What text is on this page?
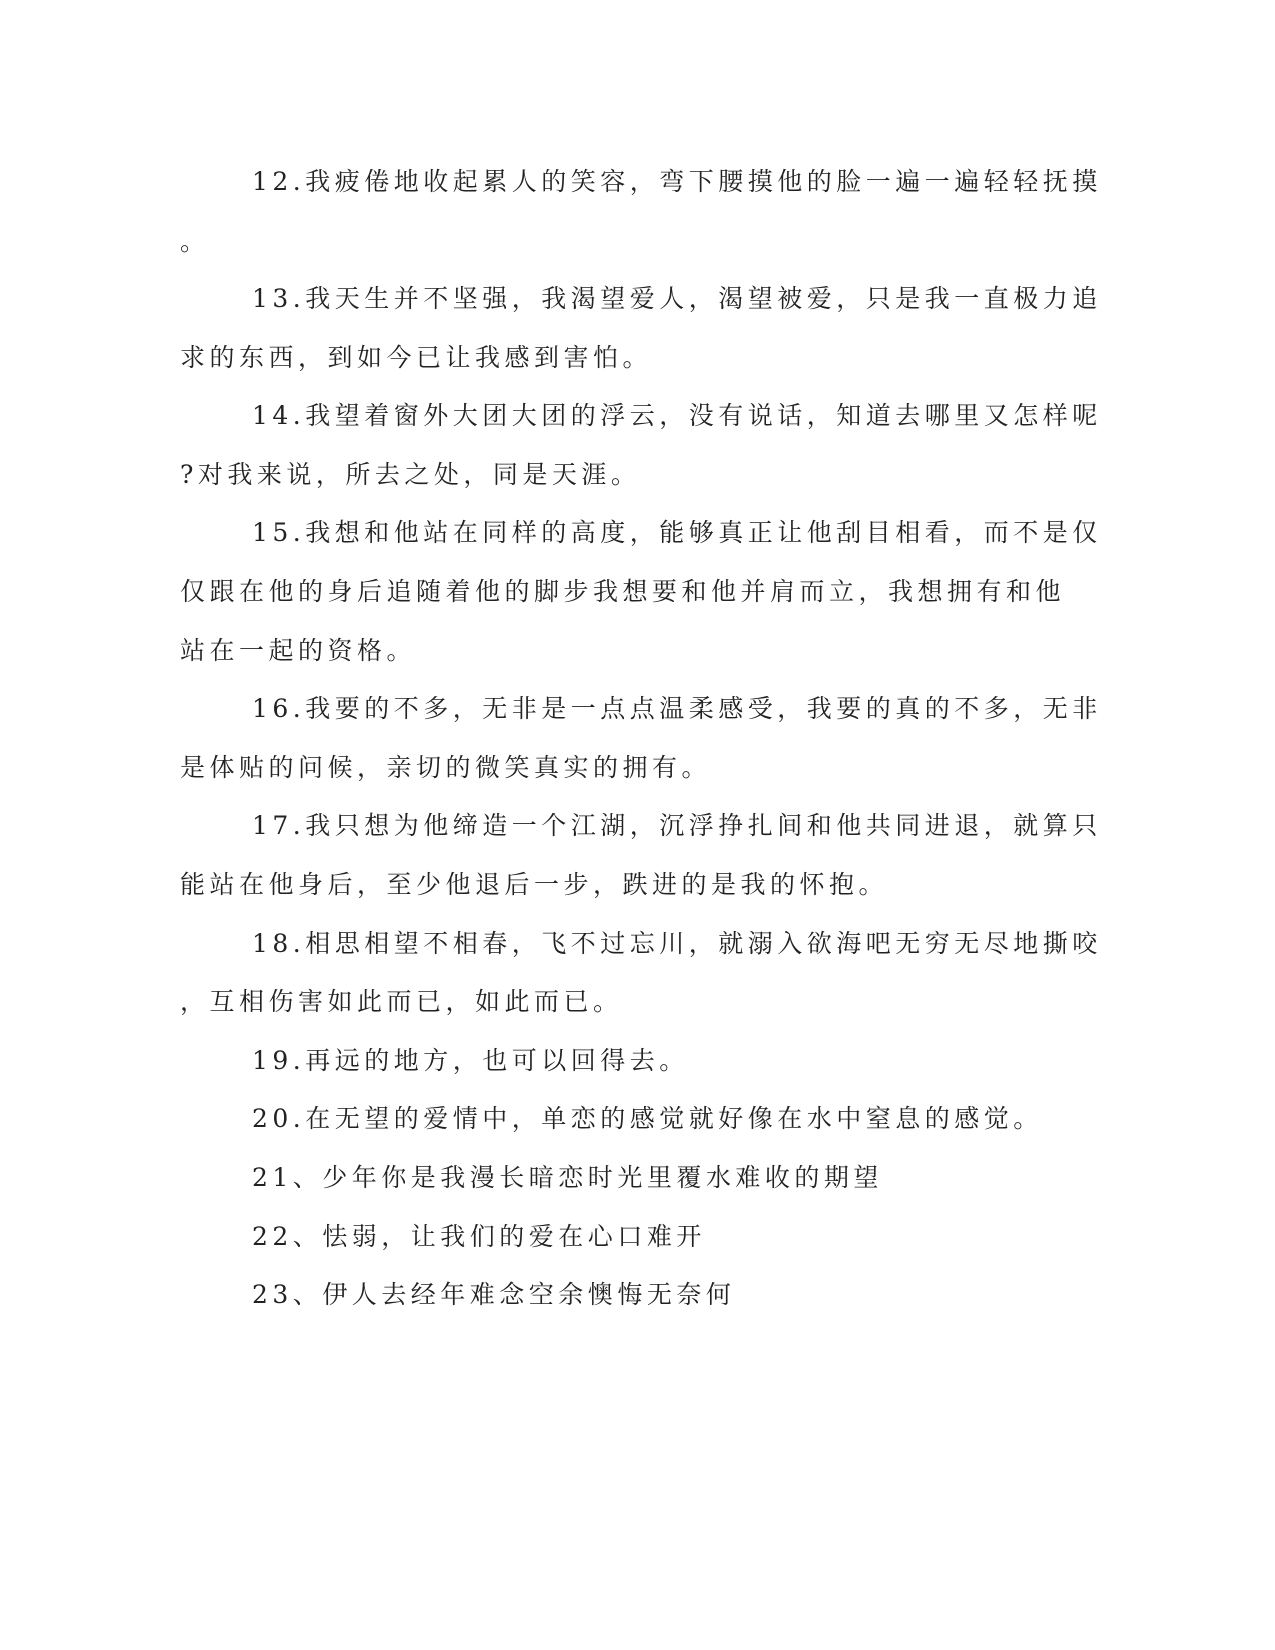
12.我疲倦地收起累人的笑容，弯下腰摸他的脸一遍一遍轻轻抚摸
。
13.我天生并不坚强，我渴望爱人，渴望被爱，只是我一直极力追
求的东西，到如今已让我感到害怕。
14.我望着窗外大团大团的浮云，没有说话，知道去哪里又怎样呢
?对我来说，所去之处，同是天涯。
15.我想和他站在同样的高度，能够真正让他刮目相看，而不是仅
仅跟在他的身后追随着他的脚步我想要和他并肩而立，我想拥有和他
站在一起的资格。
16.我要的不多，无非是一点点温柔感受，我要的真的不多，无非
是体贴的问候，亲切的微笑真实的拥有。
17.我只想为他缔造一个江湖，沉浮挣扎间和他共同进退，就算只
能站在他身后，至少他退后一步，跌进的是我的怀抱。
18.相思相望不相春，飞不过忘川，就溺入欲海吧无穷无尽地撕咬
，互相伤害如此而已，如此而已。
19.再远的地方，也可以回得去。
20.在无望的爱情中，单恋的感觉就好像在水中窒息的感觉。
21、少年你是我漫长暗恋时光里覆水难收的期望
22、怯弱，让我们的爱在心口难开
23、伊人去经年难念空余懊悔无奈何
